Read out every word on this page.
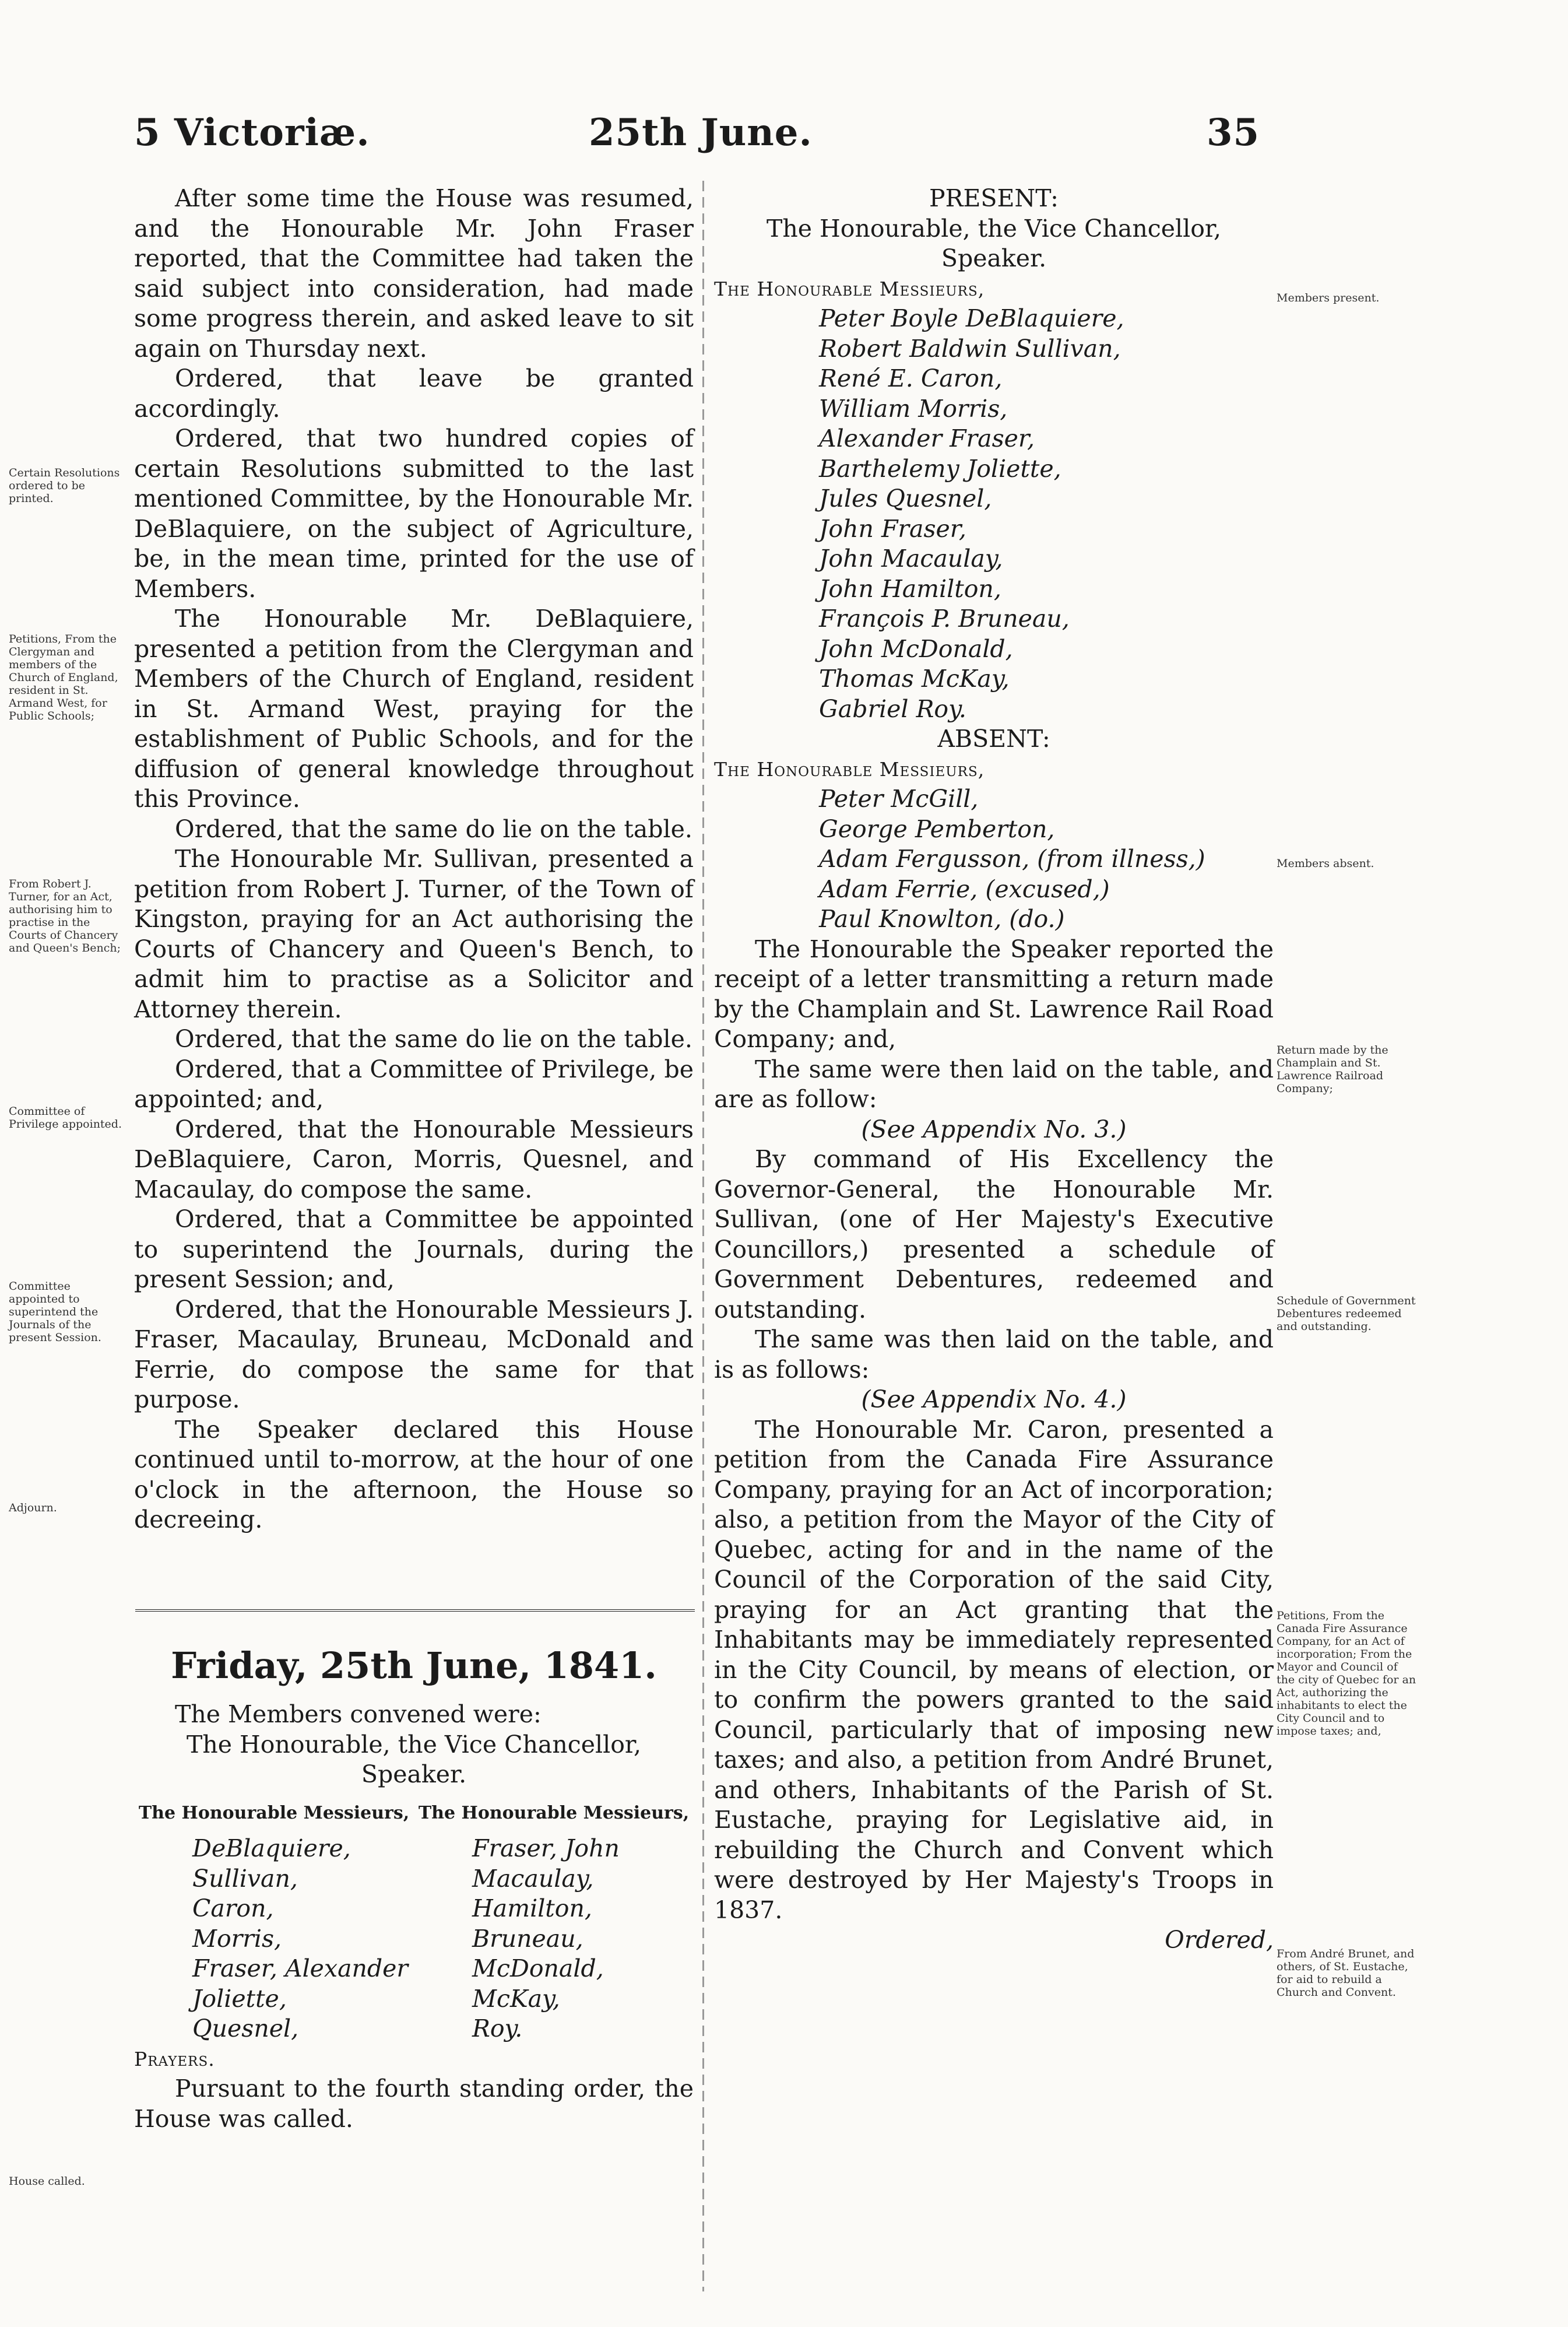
5 Victoriæ.	25th June.	35

After some time the House was resumed, and the Honourable Mr. John Fraser reported, that the Committee had taken the said subject into consideration, had made some progress therein, and asked leave to sit again on Thursday next.

Ordered, that leave be granted accordingly.

Ordered, that two hundred copies of certain Resolutions submitted to the last mentioned Committee, by the Honourable Mr. DeBlaquiere, on the subject of Agriculture, be, in the mean time, printed for the use of Members.

The Honourable Mr. DeBlaquiere, presented a petition from the Clergyman and Members of the Church of England, resident in St. Armand West, praying for the establishment of Public Schools, and for the diffusion of general knowledge throughout this Province.

Ordered, that the same do lie on the table.

The Honourable Mr. Sullivan, presented a petition from Robert J. Turner, of the Town of Kingston, praying for an Act authorising the Courts of Chancery and Queen's Bench, to admit him to practise as a Solicitor and Attorney therein.

Ordered, that the same do lie on the table.

Ordered, that a Committee of Privilege, be appointed; and,

Ordered, that the Honourable Messieurs DeBlaquiere, Caron, Morris, Quesnel, and Macaulay, do compose the same.

Ordered, that a Committee be appointed to superintend the Journals, during the present Session; and,

Ordered, that the Honourable Messieurs J. Fraser, Macaulay, Bruneau, McDonald and Ferrie, do compose the same for that purpose.

The Speaker declared this House continued until to-morrow, at the hour of one o'clock in the afternoon, the House so decreeing.

Certain Resolutions ordered to be printed.
Petitions, From the Clergyman and members of the Church of England, resident in St. Armand West, for Public Schools;
From Robert J. Turner, for an Act, authorising him to practise in the Courts of Chancery and Queen's Bench;
Committee of Privilege appointed.
Committee appointed to superintend the Journals of the present Session.
Adjourn.
House called.
Friday, 25th June, 1841.

The Members convened were:

The Honourable, the Vice Chancellor, Speaker.

The Honourable Messieurs, The Honourable Messieurs,
DeBlaquiere,
Sullivan,
Caron,
Morris,
Fraser, Alexander
Joliette,
Quesnel,
Fraser, John
Macaulay,
Hamilton,
Bruneau,
McDonald,
McKay,
Roy.

Prayers.

Pursuant to the fourth standing order, the House was called.

PRESENT:

The Honourable, the Vice Chancellor, Speaker.

The Honourable Messieurs,

Peter Boyle DeBlaquiere,

Robert Baldwin Sullivan,

René E. Caron,

William Morris,

Alexander Fraser,

Barthelemy Joliette,

Jules Quesnel,

John Fraser,

John Macaulay,

John Hamilton,

François P. Bruneau,

John McDonald,

Thomas McKay,

Gabriel Roy.

ABSENT:

The Honourable Messieurs,

Peter McGill,

George Pemberton,

Adam Fergusson, (from illness,)

Adam Ferrie, (excused,)

Paul Knowlton, (do.)

The Honourable the Speaker reported the receipt of a letter transmitting a return made by the Champlain and St. Lawrence Rail Road Company; and,

The same were then laid on the table, and are as follow:

(See Appendix No. 3.)

By command of His Excellency the Governor-General, the Honourable Mr. Sullivan, (one of Her Majesty's Executive Councillors,) presented a schedule of Government Debentures, redeemed and outstanding.

The same was then laid on the table, and is as follows:

(See Appendix No. 4.)

The Honourable Mr. Caron, presented a petition from the Canada Fire Assurance Company, praying for an Act of incorporation; also, a petition from the Mayor of the City of Quebec, acting for and in the name of the Council of the Corporation of the said City, praying for an Act granting that the Inhabitants may be immediately represented in the City Council, by means of election, or to confirm the powers granted to the said Council, particularly that of imposing new taxes; and also, a petition from André Brunet, and others, Inhabitants of the Parish of St. Eustache, praying for Legislative aid, in rebuilding the Church and Convent which were destroyed by Her Majesty's Troops in 1837.

Ordered,

Members present.
Members absent.
Return made by the Champlain and St. Lawrence Railroad Company;
Schedule of Government Debentures redeemed and outstanding.
Petitions, From the Canada Fire Assurance Company, for an Act of incorporation; From the Mayor and Council of the city of Quebec for an Act, authorizing the inhabitants to elect the City Council and to impose taxes; and,
From André Brunet, and others, of St. Eustache, for aid to rebuild a Church and Convent.
